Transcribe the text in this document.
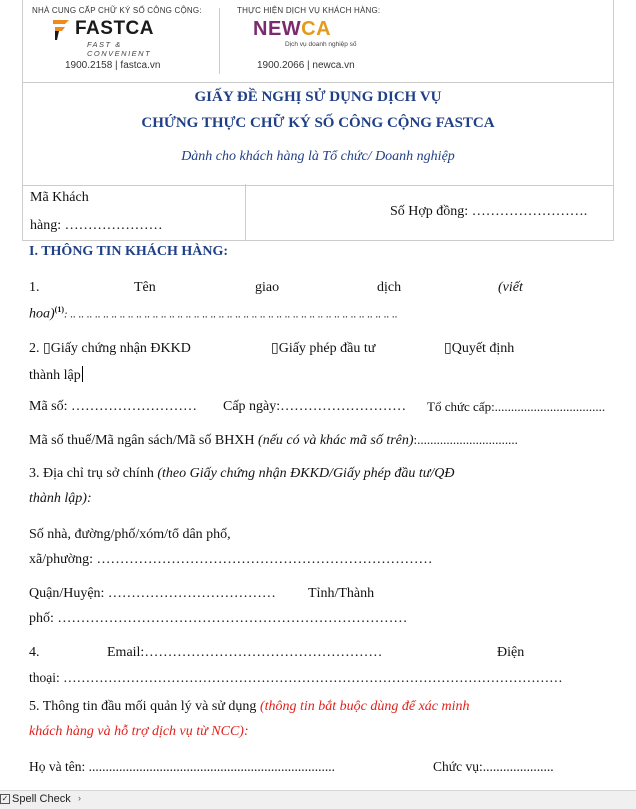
NHÀ CUNG CẤP CHỮ KÝ SỐ CÔNG CỘNG:
FASTCA
FAST & CONVENIENT
1900.2158 | fastca.vn
THỰC HIỆN DỊCH VỤ KHÁCH HÀNG:
NEWCA
Dịch vụ doanh nghiệp số
1900.2066 | newca.vn
GIẤY ĐỀ NGHỊ SỬ DỤNG DỊCH VỤ
CHỨNG THỰC CHỮ KÝ SỐ CÔNG CỘNG FASTCA
Dành cho khách hàng là Tổ chức/ Doanh nghiệp
Mã Khách
hàng: …………………
Số Hợp đồng: …………………….
I. THÔNG TIN KHÁCH HÀNG:
1.	Tên	giao	dịch	(viết
hoa)$^{(1)}$: .. .. .. .. .. .. .. .. .. .. .. .. .. .. .. .. .. .. .. .. .. .. .. .. .. .. .. .. .. .. .. .. .. .. .. .. .. .. .. ..
2. ▯Giấy chứng nhận ĐKKD	▯Giấy phép đầu tư	▯Quyết định
thành lập
Mã số: ……………………… Cấp ngày:……………………… Tổ chức cấp:..................................
Mã số thuế/Mã ngân sách/Mã số BHXH (nếu có và khác mã số trên):...............................
3. Địa chỉ trụ sở chính (theo Giấy chứng nhận ĐKKD/Giấy phép đầu tư/QĐ
thành lập):
Số nhà, đường/phố/xóm/tổ dân phố,
xã/phường: ………………………………………………………………
Quận/Huyện: ……………………………… Tỉnh/Thành
phố: …………………………………………………………………
4.	Email:……………………………………………	Điện
thoại: …………………………………………………………………………………………………
5. Thông tin đầu mối quản lý và sử dụng (thông tin bắt buộc dùng để xác minh
khách hàng và hỗ trợ dịch vụ từ NCC):
Họ và tên: .........................................................................	Chức vụ:.....................
✓ Spell Check ›
